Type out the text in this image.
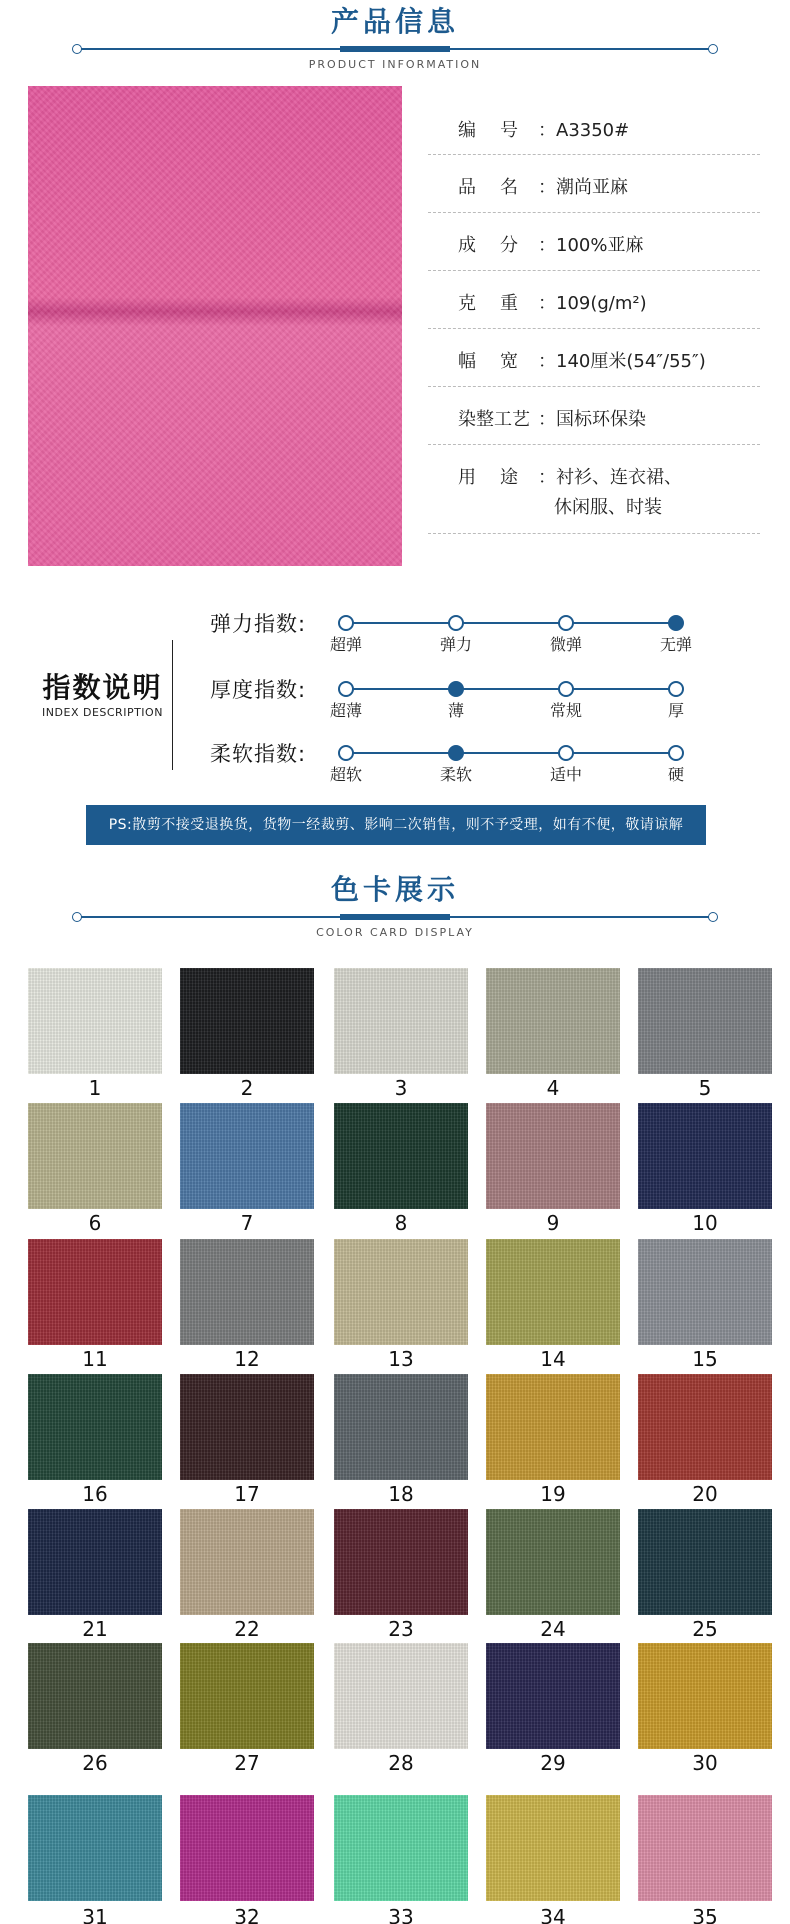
产品信息
PRODUCT INFORMATION
编号
：A3350#
品名
：潮尚亚麻
成分
：100%亚麻
克重
：109(g/m²)
幅宽
：140厘米(54″/55″)
染整工艺 ：国标环保染
用途
：衬衫、连衣裙、
休闲服、时装
指数说明
INDEX DESCRIPTION
弹力指数:
超弹	弹力	微弹	无弹
厚度指数:
超薄	薄	常规	厚
柔软指数:
超软	柔软	适中	硬
PS:散剪不接受退换货，货物一经裁剪、影响二次销售，则不予受理，如有不便，敬请谅解
色卡展示
COLOR CARD DISPLAY
1	2	3	4	5
6	7	8	9	10
11	12	13	14	15
16	17	18	19	20
21	22	23	24	25
26	27	28	29	30
31	32	33	34	35
